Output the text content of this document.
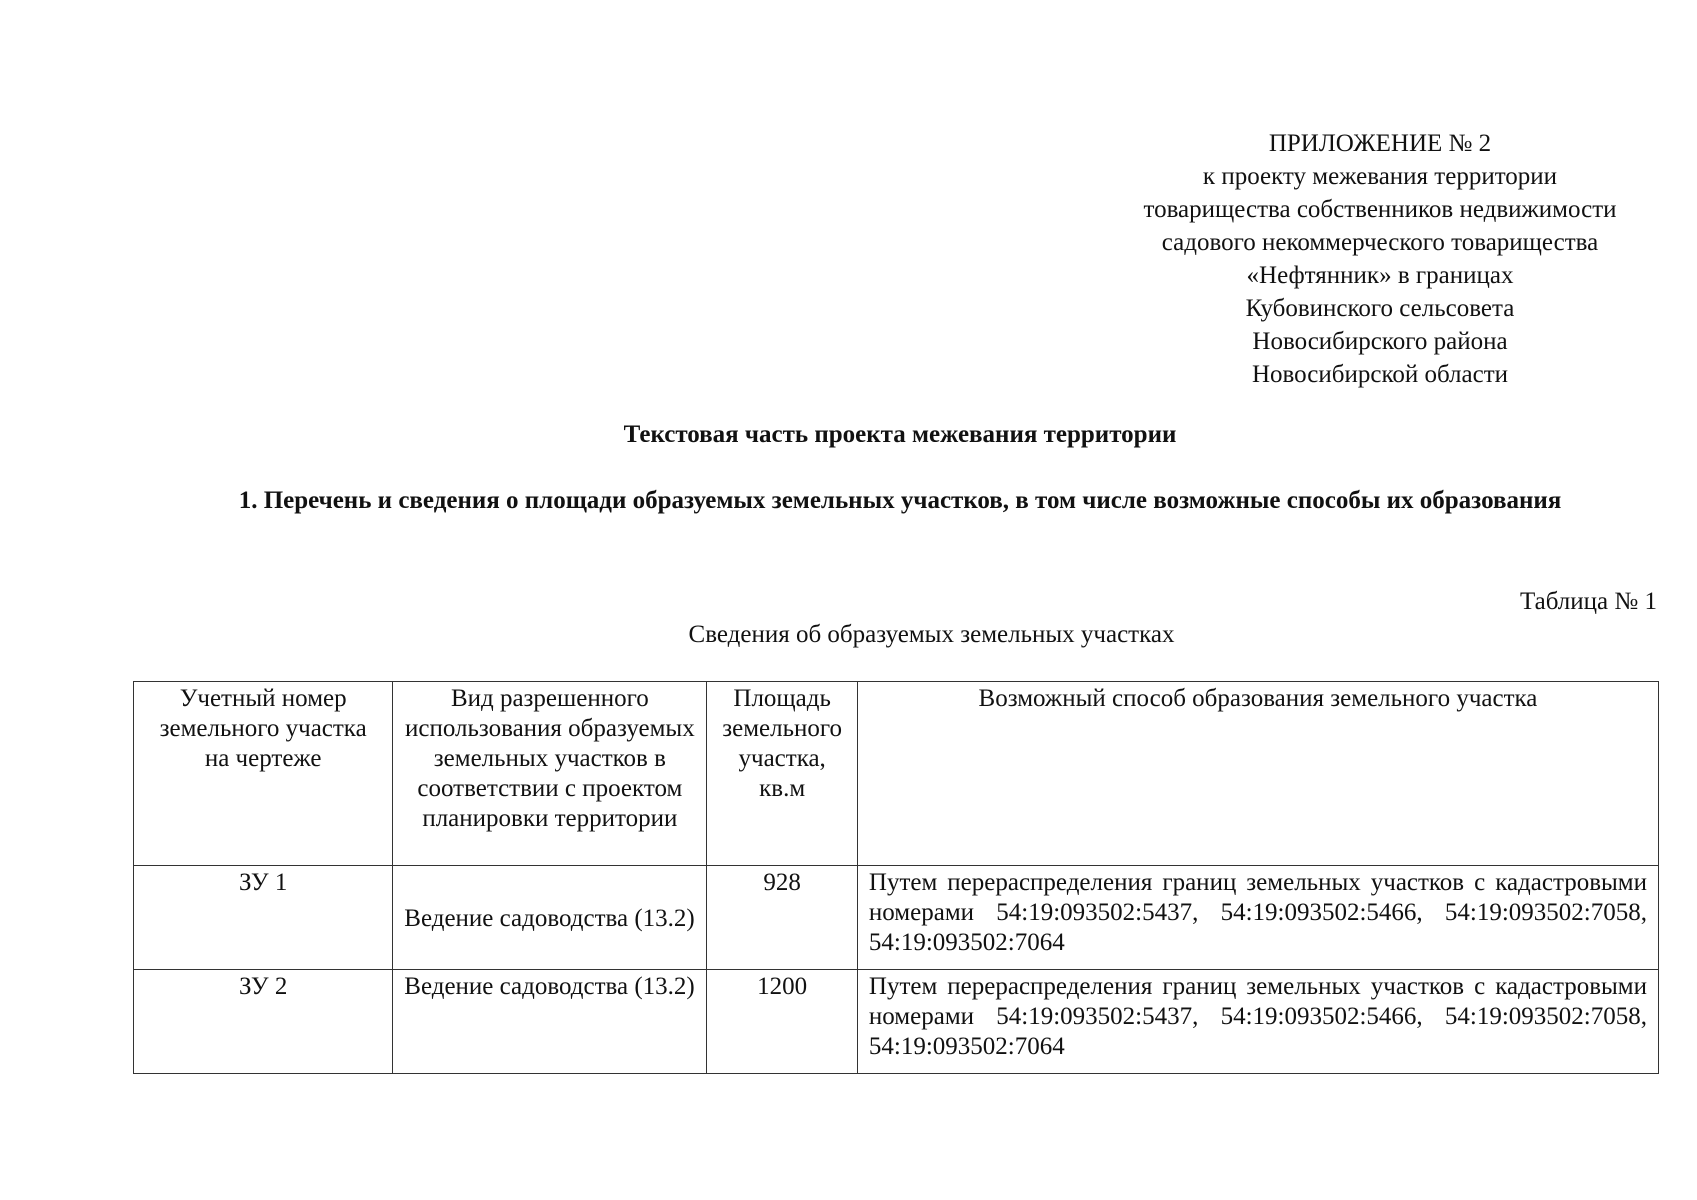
ПРИЛОЖЕНИЕ № 2
к проекту межевания территории
товарищества собственников недвижимости
садового некоммерческого товарищества
«Нефтянник» в границах
Кубовинского сельсовета
Новосибирского района
Новосибирской области
Текстовая часть проекта межевания территории
1. Перечень и сведения о площади образуемых земельных участков, в том числе возможные способы их образования
Таблица № 1
Сведения об образуемых земельных участках
Учетный номер земельного участка на чертеже	Вид разрешенного использования образуемых земельных участков в соответствии с проектом планировки территории	Площадь земельного участка, кв.м	Возможный способ образования земельного участка
ЗУ 1	Ведение садоводства (13.2)	928	Путем перераспределения границ земельных участков с кадастровыми номерами 54:19:093502:5437, 54:19:093502:5466, 54:19:093502:7058, 54:19:093502:7064
ЗУ 2	Ведение садоводства (13.2)	1200	Путем перераспределения границ земельных участков с кадастровыми номерами 54:19:093502:5437, 54:19:093502:5466, 54:19:093502:7058, 54:19:093502:7064
